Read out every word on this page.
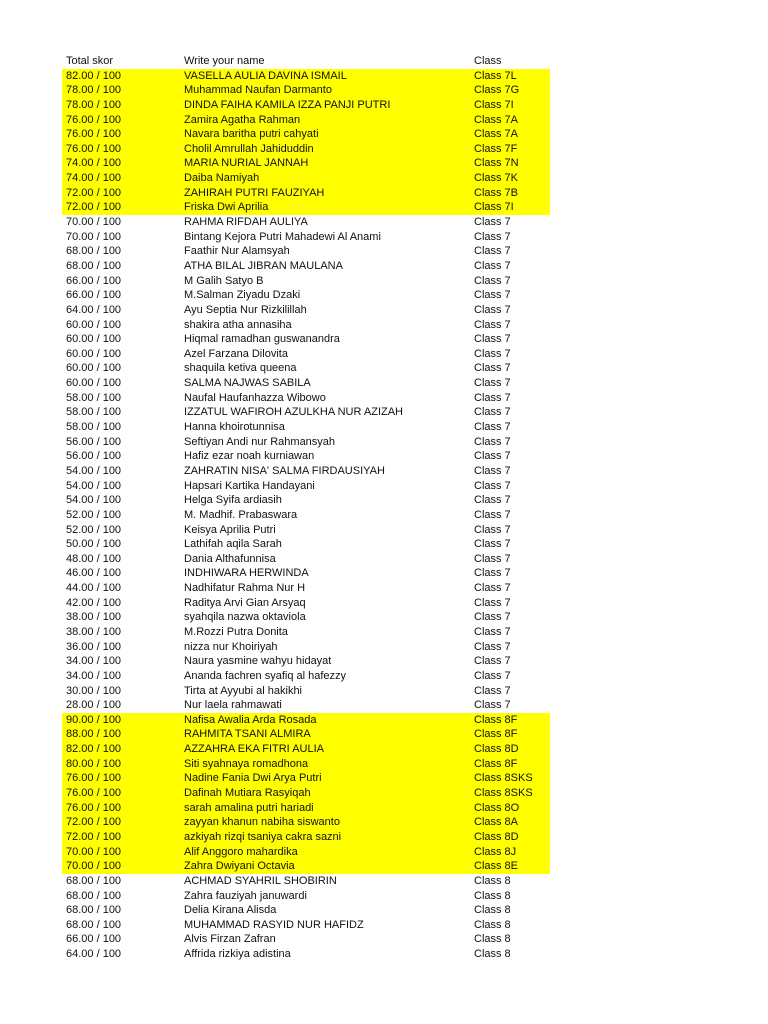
Total skor	Write your name	Class
82.00 / 100	VASELLA AULIA DAVINA ISMAIL	Class 7L
78.00 / 100	Muhammad Naufan Darmanto	Class 7G
78.00 / 100	DINDA FAIHA KAMILA IZZA PANJI PUTRI	Class 7I
76.00 / 100	Zamira Agatha Rahman	Class 7A
76.00 / 100	Navara baritha putri cahyati	Class 7A
76.00 / 100	Cholil Amrullah Jahiduddin	Class 7F
74.00 / 100	MARIA NURIAL JANNAH	Class 7N
74.00 / 100	Daiba Namiyah	Class 7K
72.00 / 100	ZAHIRAH PUTRI FAUZIYAH	Class 7B
72.00 / 100	Friska Dwi Aprilia	Class 7I
70.00 / 100	RAHMA RIFDAH AULIYA	Class 7
70.00 / 100	Bintang Kejora Putri Mahadewi Al Anami	Class 7
68.00 / 100	Faathir Nur Alamsyah	Class 7
68.00 / 100	ATHA BILAL JIBRAN MAULANA	Class 7
66.00 / 100	M Galih Satyo B	Class 7
66.00 / 100	M.Salman Ziyadu Dzaki	Class 7
64.00 / 100	Ayu Septia Nur Rizkilillah	Class 7
60.00 / 100	shakira atha annasiha	Class 7
60.00 / 100	Hiqmal ramadhan guswanandra	Class 7
60.00 / 100	Azel Farzana Dilovita	Class 7
60.00 / 100	shaquila ketiva queena	Class 7
60.00 / 100	SALMA NAJWAS SABILA	Class 7
58.00 / 100	Naufal Haufanhazza Wibowo	Class 7
58.00 / 100	IZZATUL WAFIROH AZULKHA NUR AZIZAH	Class 7
58.00 / 100	Hanna khoirotunnisa	Class 7
56.00 / 100	Seftiyan Andi nur Rahmansyah	Class 7
56.00 / 100	Hafiz ezar noah kurniawan	Class 7
54.00 / 100	ZAHRATIN NISA' SALMA FIRDAUSIYAH	Class 7
54.00 / 100	Hapsari Kartika Handayani	Class 7
54.00 / 100	Helga Syifa ardiasih	Class 7
52.00 / 100	M. Madhif. Prabaswara	Class 7
52.00 / 100	Keisya Aprilia Putri	Class 7
50.00 / 100	Lathifah aqila Sarah	Class 7
48.00 / 100	Dania Althafunnisa	Class 7
46.00 / 100	INDHIWARA HERWINDA	Class 7
44.00 / 100	Nadhifatur Rahma Nur H	Class 7
42.00 / 100	Raditya Arvi Gian Arsyaq	Class 7
38.00 / 100	syahqila nazwa oktaviola	Class 7
38.00 / 100	M.Rozzi Putra Donita	Class 7
36.00 / 100	nizza nur Khoiriyah	Class 7
34.00 / 100	Naura yasmine wahyu hidayat	Class 7
34.00 / 100	Ananda fachren syafiq al hafezzy	Class 7
30.00 / 100	Tirta at Ayyubi al hakikhi	Class 7
28.00 / 100	Nur laela rahmawati	Class 7
90.00 / 100	Nafisa Awalia Arda Rosada	Class 8F
88.00 / 100	RAHMITA TSANI ALMIRA	Class 8F
82.00 / 100	AZZAHRA EKA FITRI AULIA	Class 8D
80.00 / 100	Siti syahnaya romadhona	Class 8F
76.00 / 100	Nadine Fania Dwi Arya Putri	Class 8SKS
76.00 / 100	Dafinah Mutiara Rasyiqah	Class 8SKS
76.00 / 100	sarah amalina putri hariadi	Class 8O
72.00 / 100	zayyan khanun nabiha siswanto	Class 8A
72.00 / 100	azkiyah rizqi tsaniya cakra sazni	Class 8D
70.00 / 100	Alif Anggoro mahardika	Class 8J
70.00 / 100	Zahra Dwiyani Octavia	Class 8E
68.00 / 100	ACHMAD SYAHRIL SHOBIRIN	Class 8
68.00 / 100	Zahra fauziyah januwardi	Class 8
68.00 / 100	Delia Kirana Alisda	Class 8
68.00 / 100	MUHAMMAD RASYID NUR HAFIDZ	Class 8
66.00 / 100	Alvis Firzan Zafran	Class 8
64.00 / 100	Affrida rizkiya adistina	Class 8
